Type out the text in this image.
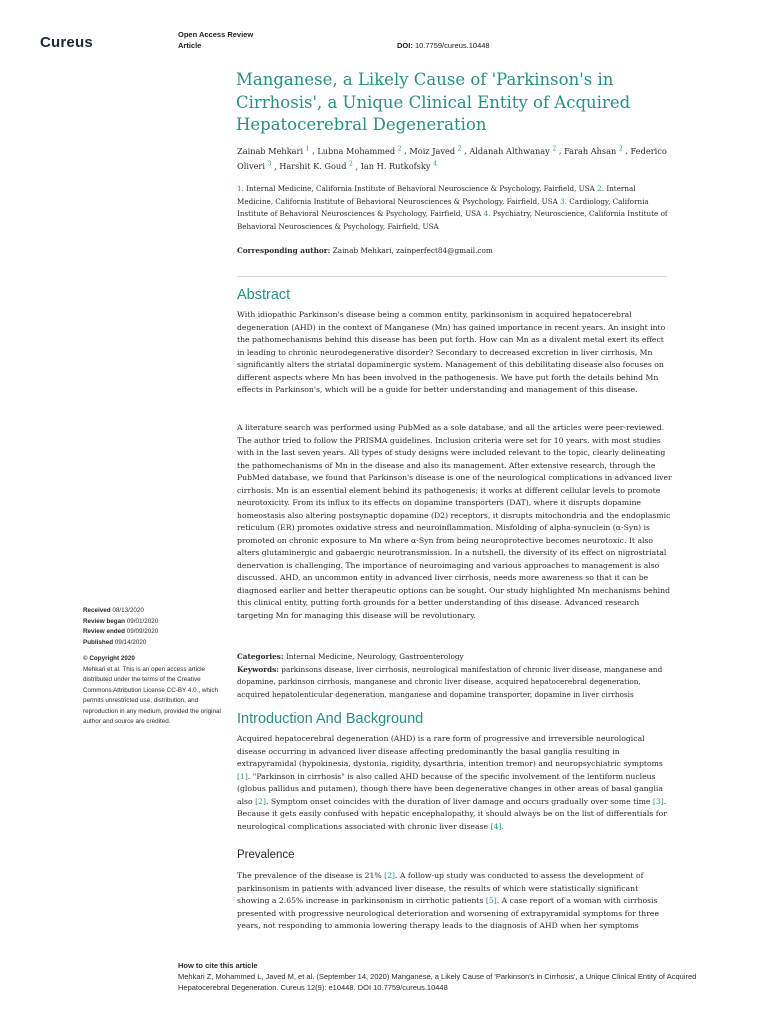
Cureus	Open Access Review
Article	DOI: 10.7759/cureus.10448
Manganese, a Likely Cause of 'Parkinson's in Cirrhosis', a Unique Clinical Entity of Acquired Hepatocerebral Degeneration
Zainab Mehkari $^1$ , Lubna Mohammed $^2$ , Moiz Javed $^2$ , Aldanah Althwanay $^2$ , Farah Ahsan $^2$ , Federico Oliveri $^3$ , Harshit K. Goud $^2$ , Ian H. Rutkofsky $^4$
1. Internal Medicine, California Institute of Behavioral Neuroscience & Psychology, Fairfield, USA 2. Internal Medicine, California Institute of Behavioral Neurosciences & Psychology, Fairfield, USA 3. Cardiology, California Institute of Behavioral Neurosciences & Psychology, Fairfield, USA 4. Psychiatry, Neuroscience, California Institute of Behavioral Neurosciences & Psychology, Fairfield, USA
Corresponding author: Zainab Mehkari, zainperfect84@gmail.com
Abstract
With idiopathic Parkinson's disease being a common entity, parkinsonism in acquired hepatocerebral degeneration (AHD) in the context of Manganese (Mn) has gained importance in recent years. An insight into the pathomechanisms behind this disease has been put forth. How can Mn as a divalent metal exert its effect in leading to chronic neurodegenerative disorder? Secondary to decreased excretion in liver cirrhosis, Mn significantly alters the striatal dopaminergic system. Management of this debilitating disease also focuses on different aspects where Mn has been involved in the pathogenesis. We have put forth the details behind Mn effects in Parkinson's, which will be a guide for better understanding and management of this disease.
A literature search was performed using PubMed as a sole database, and all the articles were peer-reviewed. The author tried to follow the PRISMA guidelines. Inclusion criteria were set for 10 years, with most studies with in the last seven years. All types of study designs were included relevant to the topic, clearly delineating the pathomechanisms of Mn in the disease and also its management. After extensive research, through the PubMed database, we found that Parkinson's disease is one of the neurological complications in advanced liver cirrhosis. Mn is an essential element behind its pathogenesis; it works at different cellular levels to promote neurotoxicity. From its influx to its effects on dopamine transporters (DAT), where it disrupts dopamine homeostasis also altering postsynaptic dopamine (D2) receptors, it disrupts mitochondria and the endoplasmic reticulum (ER) promotes oxidative stress and neuroinflammation. Misfolding of alpha-synuclein (α-Syn) is promoted on chronic exposure to Mn where α-Syn from being neuroprotective becomes neurotoxic. It also alters glutaminergic and gabaergic neurotransmission. In a nutshell, the diversity of its effect on nigrostriatal denervation is challenging. The importance of neuroimaging and various approaches to management is also discussed. AHD, an uncommon entity in advanced liver cirrhosis, needs more awareness so that it can be diagnosed earlier and better therapeutic options can be sought. Our study highlighted Mn mechanisms behind this clinical entity, putting forth grounds for a better understanding of this disease. Advanced research targeting Mn for managing this disease will be revolutionary.
Received 08/13/2020
Review began 09/01/2020
Review ended 09/09/2020
Published 09/14/2020
© Copyright 2020
Mehkari et al. This is an open access article distributed under the terms of the Creative Commons Attribution License CC-BY 4.0., which permits unrestricted use, distribution, and reproduction in any medium, provided the original author and source are credited.
Categories: Internal Medicine, Neurology, Gastroenterology
Keywords: parkinsons disease, liver cirrhosis, neurological manifestation of chronic liver disease, manganese and dopamine, parkinson cirrhosis, manganese and chronic liver disease, acquired hepatocerebral degeneration, acquired hepatolenticular degeneration, manganese and dopamine transporter, dopamine in liver cirrhosis
Introduction And Background
Acquired hepatocerebral degeneration (AHD) is a rare form of progressive and irreversible neurological disease occurring in advanced liver disease affecting predominantly the basal ganglia resulting in extrapyramidal (hypokinesia, dystonia, rigidity, dysarthria, intention tremor) and neuropsychiatric symptoms [1]. "Parkinson in cirrhosis" is also called AHD because of the specific involvement of the lentiform nucleus (globus pallidus and putamen), though there have been degenerative changes in other areas of basal ganglia also [2]. Symptom onset coincides with the duration of liver damage and occurs gradually over some time [3]. Because it gets easily confused with hepatic encephalopathy, it should always be on the list of differentials for neurological complications associated with chronic liver disease [4].
Prevalence
The prevalence of the disease is 21% [2]. A follow-up study was conducted to assess the development of parkinsonism in patients with advanced liver disease, the results of which were statistically significant showing a 2.65% increase in parkinsonism in cirrhotic patients [5]. A case report of a woman with cirrhosis presented with progressive neurological deterioration and worsening of extrapyramidal symptoms for three years, not responding to ammonia lowering therapy leads to the diagnosis of AHD when her symptoms
How to cite this article
Mehkari Z, Mohammed L, Javed M, et al. (September 14, 2020) Manganese, a Likely Cause of 'Parkinson's in Cirrhosis', a Unique Clinical Entity of Acquired Hepatocerebral Degeneration. Cureus 12(9): e10448. DOI 10.7759/cureus.10448
